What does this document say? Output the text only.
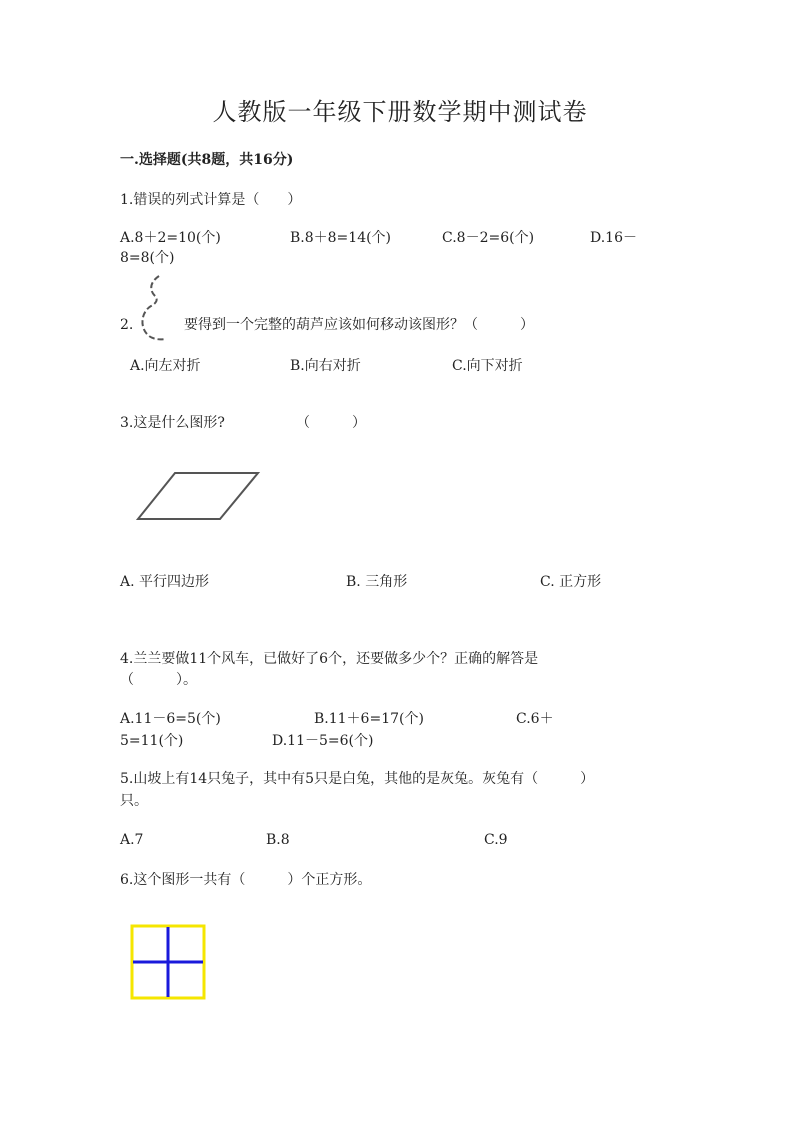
人教版一年级下册数学期中测试卷
一.选择题(共8题，共16分)
1.错误的列式计算是（　　）
A.8＋2=10(个)	B.8＋8=14(个)	C.8－2=6(个)	D.16－
8=8(个)
2.	要得到一个完整的葫芦应该如何移动该图形？（　　　）
A.向左对折	B.向右对折	C.向下对折
3.这是什么图形?	（　　　）
A. 平行四边形	B. 三角形	C. 正方形
4.兰兰要做11个风车，已做好了6个，还要做多少个？正确的解答是
（　　　）。
A.11－6=5(个)	B.11＋6=17(个)	C.6＋
5=11(个)	D.11－5=6(个)
5.山坡上有14只兔子，其中有5只是白兔，其他的是灰兔。灰兔有（　　　）
只。
A.7	B.8	C.9
6.这个图形一共有（　　　）个正方形。
